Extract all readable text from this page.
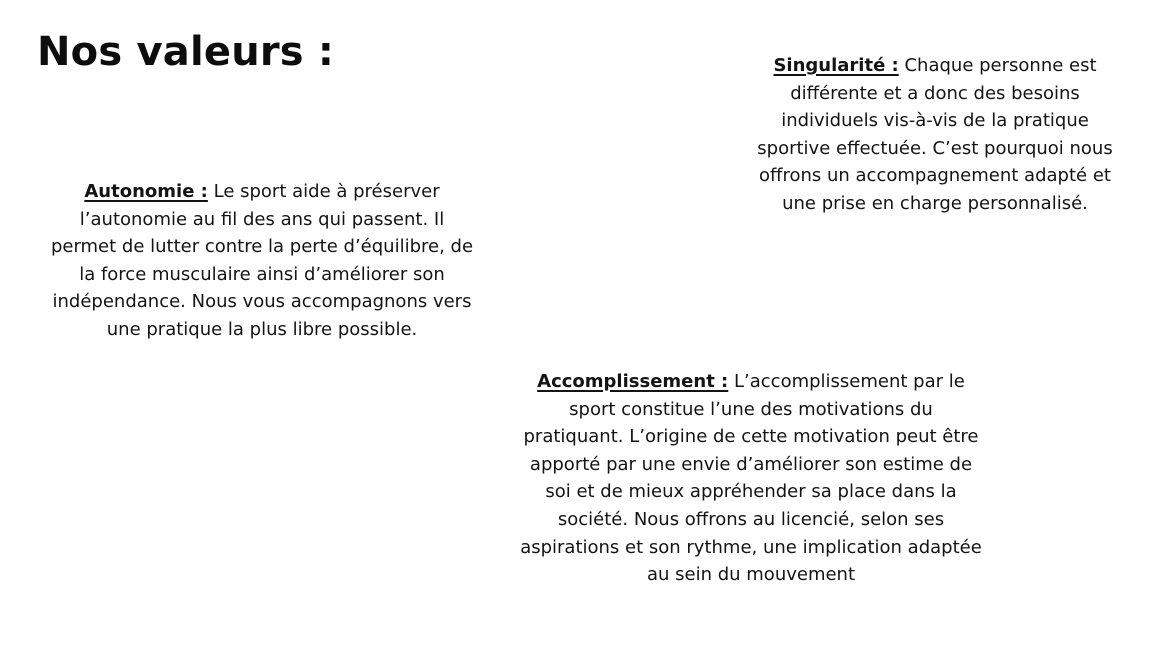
Nos valeurs :	Singularité : Chaque personne est différente et a donc des besoins individuels vis-à-vis de la pratique sportive effectuée. C’est pourquoi nous offrons un accompagnement adapté et une prise en charge personnalisé.

Autonomie : Le sport aide à préserver l’autonomie au fil des ans qui passent. Il permet de lutter contre la perte d’équilibre, de la force musculaire ainsi d’améliorer son indépendance. Nous vous accompagnons vers une pratique la plus libre possible.

Accomplissement : L’accomplissement par le sport constitue l’une des motivations du pratiquant. L’origine de cette motivation peut être apporté par une envie d’améliorer son estime de soi et de mieux appréhender sa place dans la société. Nous offrons au licencié, selon ses aspirations et son rythme, une implication adaptée au sein du mouvement
